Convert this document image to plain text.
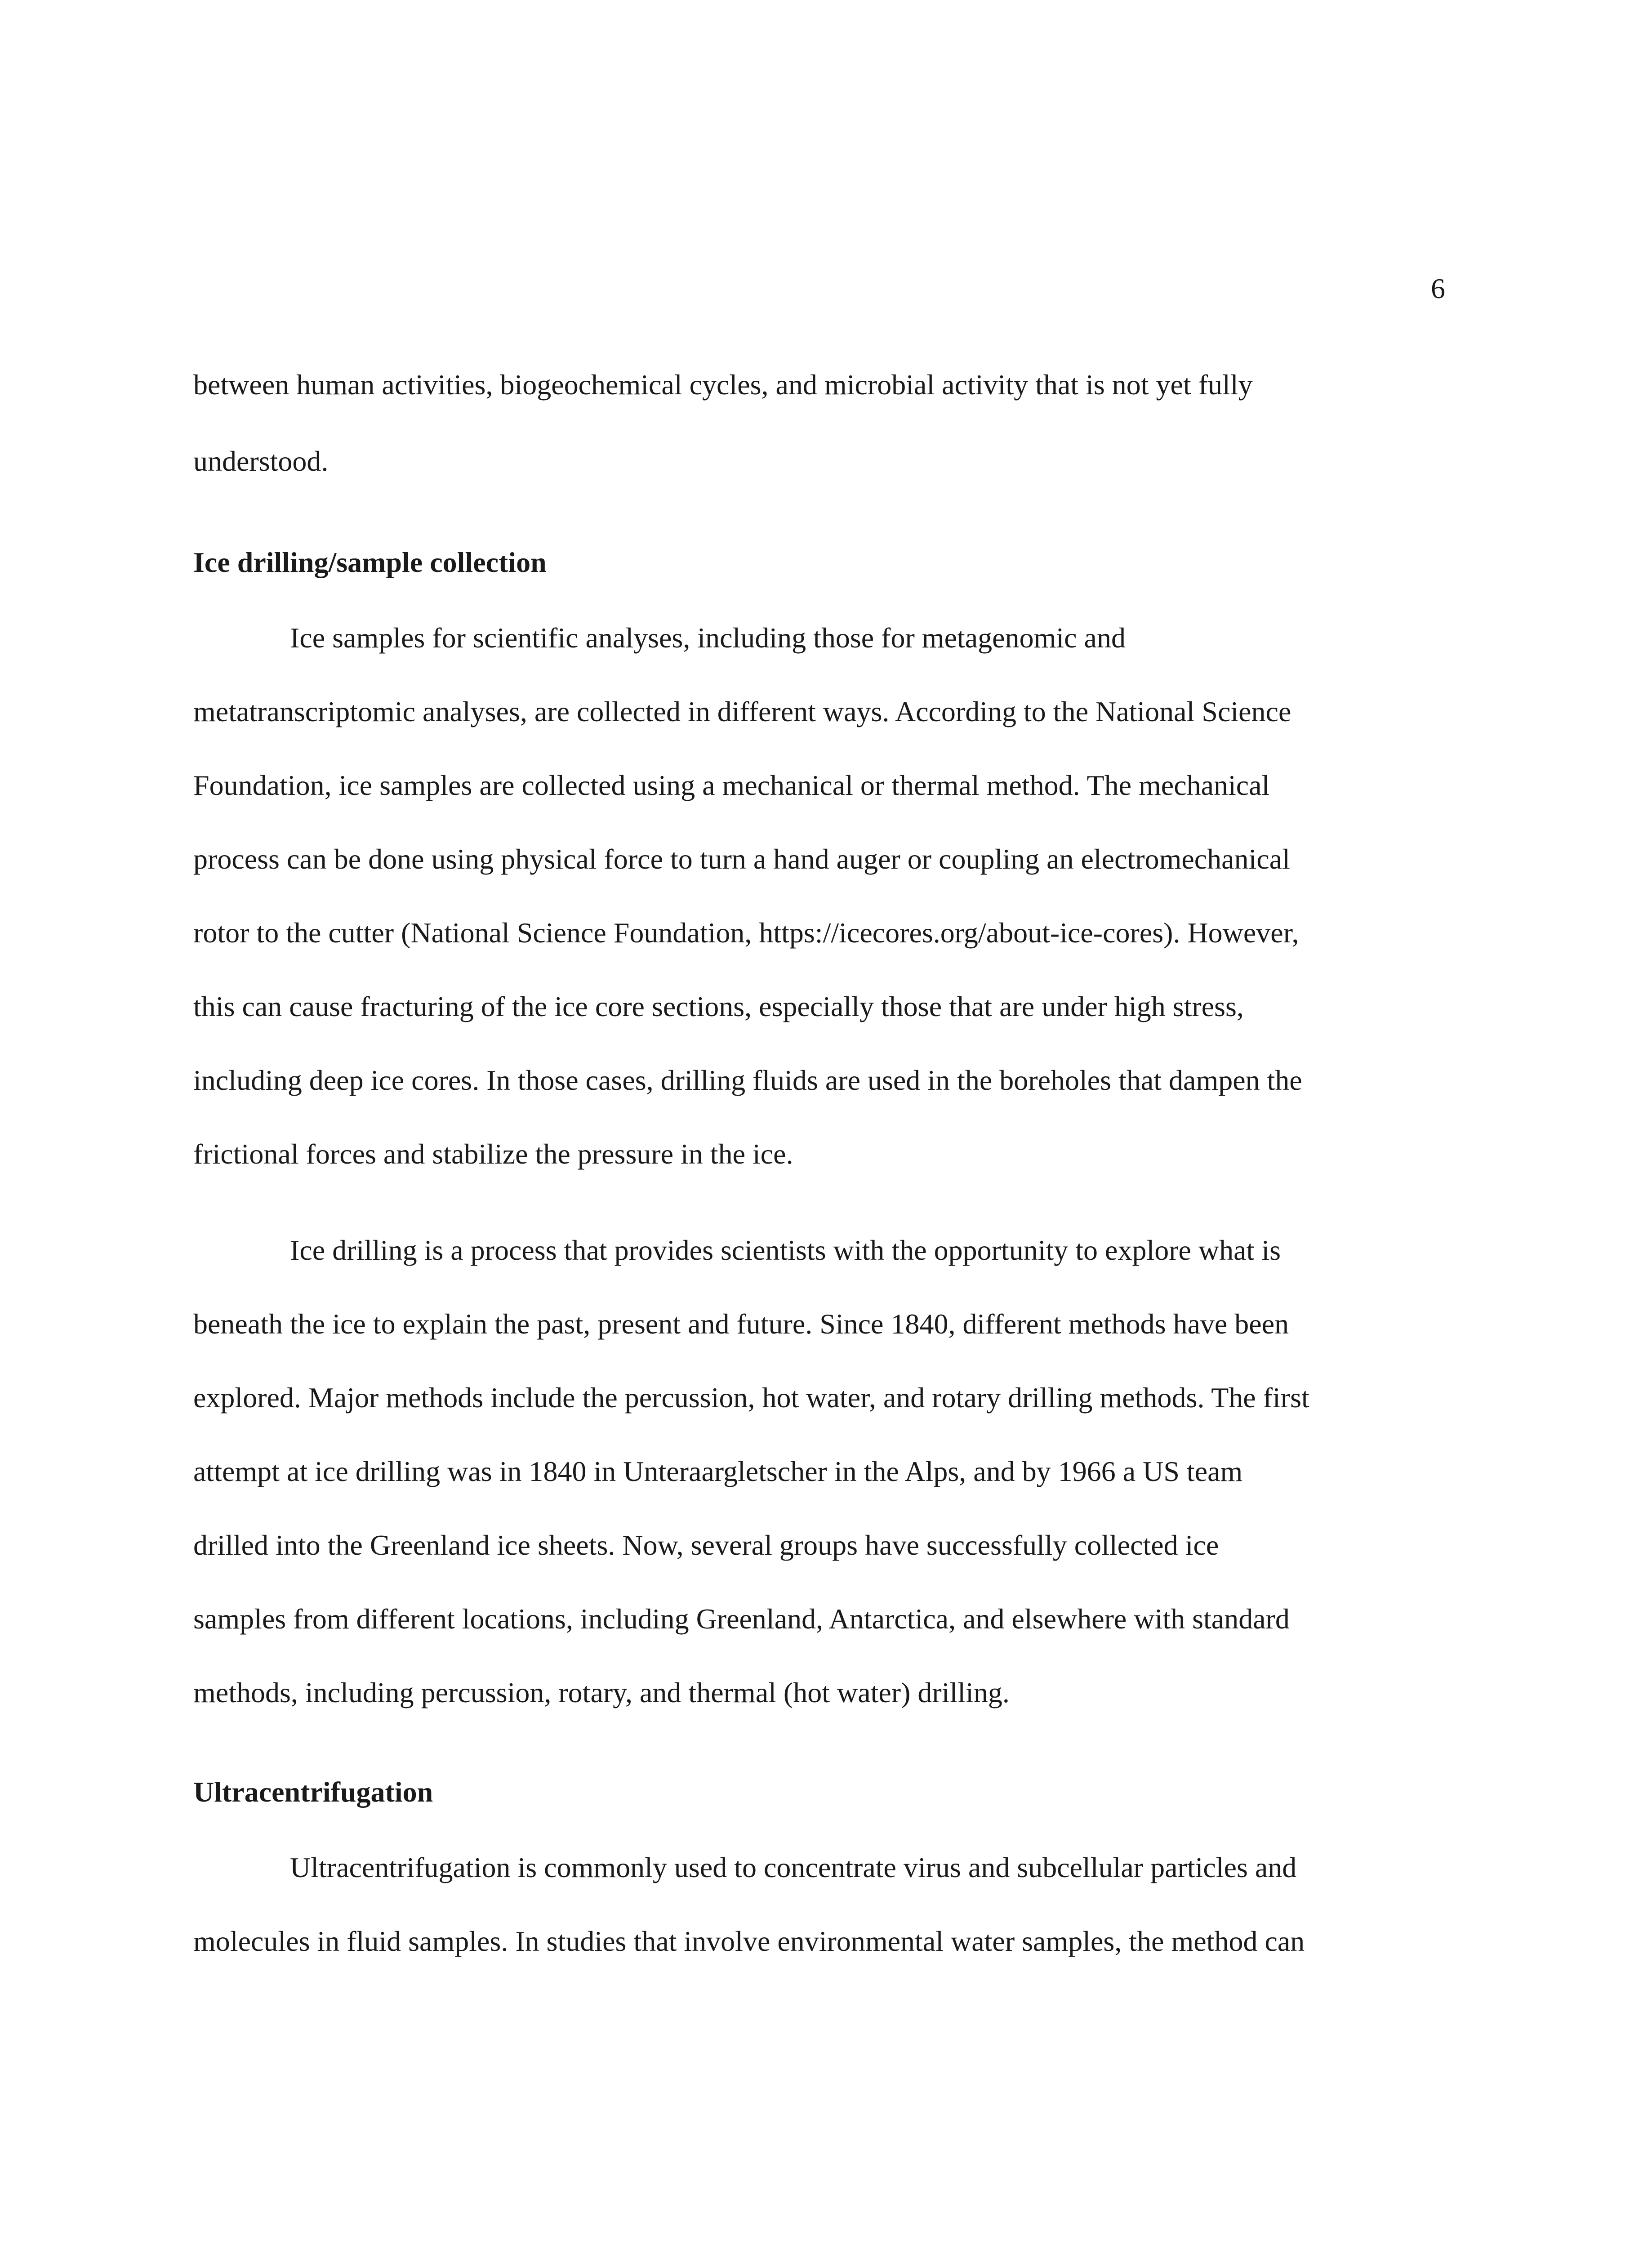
6
between human activities, biogeochemical cycles, and microbial activity that is not yet fully
understood.
Ice drilling/sample collection
Ice samples for scientific analyses, including those for metagenomic and
metatranscriptomic analyses, are collected in different ways. According to the National Science
Foundation, ice samples are collected using a mechanical or thermal method. The mechanical
process can be done using physical force to turn a hand auger or coupling an electromechanical
rotor to the cutter (National Science Foundation, https://icecores.org/about-ice-cores). However,
this can cause fracturing of the ice core sections, especially those that are under high stress,
including deep ice cores. In those cases, drilling fluids are used in the boreholes that dampen the
frictional forces and stabilize the pressure in the ice.
Ice drilling is a process that provides scientists with the opportunity to explore what is
beneath the ice to explain the past, present and future. Since 1840, different methods have been
explored. Major methods include the percussion, hot water, and rotary drilling methods. The first
attempt at ice drilling was in 1840 in Unteraargletscher in the Alps, and by 1966 a US team
drilled into the Greenland ice sheets. Now, several groups have successfully collected ice
samples from different locations, including Greenland, Antarctica, and elsewhere with standard
methods, including percussion, rotary, and thermal (hot water) drilling.
Ultracentrifugation
Ultracentrifugation is commonly used to concentrate virus and subcellular particles and
molecules in fluid samples. In studies that involve environmental water samples, the method can
